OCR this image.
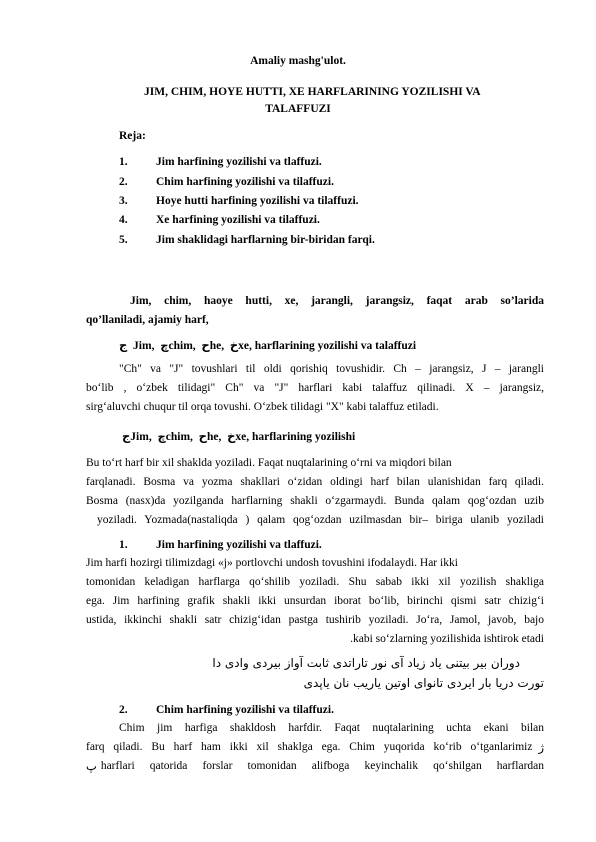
Amaliy mashg'ulot.
JIM, CHIM, HOYE HUTTI, XE HARFLARINING YOZILISHI VA
TALAFFUZI
Reja:
1. Jim harfining yozilishi va tlaffuzi.
2. Chim harfining yozilishi va tilaffuzi.
3. Hoye hutti harfining yozilishi va tilaffuzi.
4. Xe harfining yozilishi va tilaffuzi.
5. Jim shaklidagi harflarning bir-biridan farqi.
Jim, chim, haoye hutti, xe, jarangli, jarangsiz, faqat arab so’larida
qo’llaniladi, ajamiy harf,
ج Jim, چchim, حhe, خxe, harflarining yozilishi va talaffuzi
"Ch" va "J" tovushlari til oldi qorishiq tovushidir. Ch – jarangsiz, J – jarangli
bo‘lib , o‘zbek tilidagi" Ch" va "J" harflari kabi talaffuz qilinadi. X – jarangsiz,
sirg‘aluvchi chuqur til orqa tovushi. O‘zbek tilidagi "X" kabi talaffuz etiladi.
جJim, چchim, حhe, خxe, harflarining yozilishi
Bu to‘rt harf bir xil shaklda yoziladi. Faqat nuqtalarining o‘rni va miqdori bilan
farqlanadi. Bosma va yozma shakllari o‘zidan oldingi harf bilan ulanishidan farq qiladi.
Bosma (nasx)da yozilganda harflarning shakli o‘zgarmaydi. Bunda qalam qog‘ozdan uzib
yoziladi. Yozmada(nastaliqda ) qalam qog‘ozdan uzilmasdan bir– biriga ulanib yoziladi
1. Jim harfining yozilishi va tlaffuzi.
Jim harfi hozirgi tilimizdagi «j» portlovchi undosh tovushini ifodalaydi. Har ikki
tomonidan keladigan harflarga qo‘shilib yoziladi. Shu sabab ikki xil yozilish shakliga
ega. Jim harfining grafik shakli ikki unsurdan iborat bo‘lib, birinchi qismi satr chizig‘i
ustida, ikkinchi shakli satr chizig‘idan pastga tushirib yoziladi. Jo‘ra, Jamol, javob, bajo
.kabi so‘zlarning yozilishida ishtirok etadi
دوران بیر بیتنی یاد زیاد آی نور تاراتدی ثابت آواز بیردی وادی دا
تورت دریا بار ایردی تانوای اوتین یاریب نان یاپدی
2. Chim harfining yozilishi va tilaffuzi.
Chim jim harfiga shakldosh harfdir. Faqat nuqtalarining uchta ekani bilan
farq qiladi. Bu harf ham ikki xil shaklga ega. Chim yuqorida ko‘rib o‘tganlarimiz ژ
پ harflari qatorida forslar tomonidan alifboga keyinchalik qo‘shilgan harflardan
